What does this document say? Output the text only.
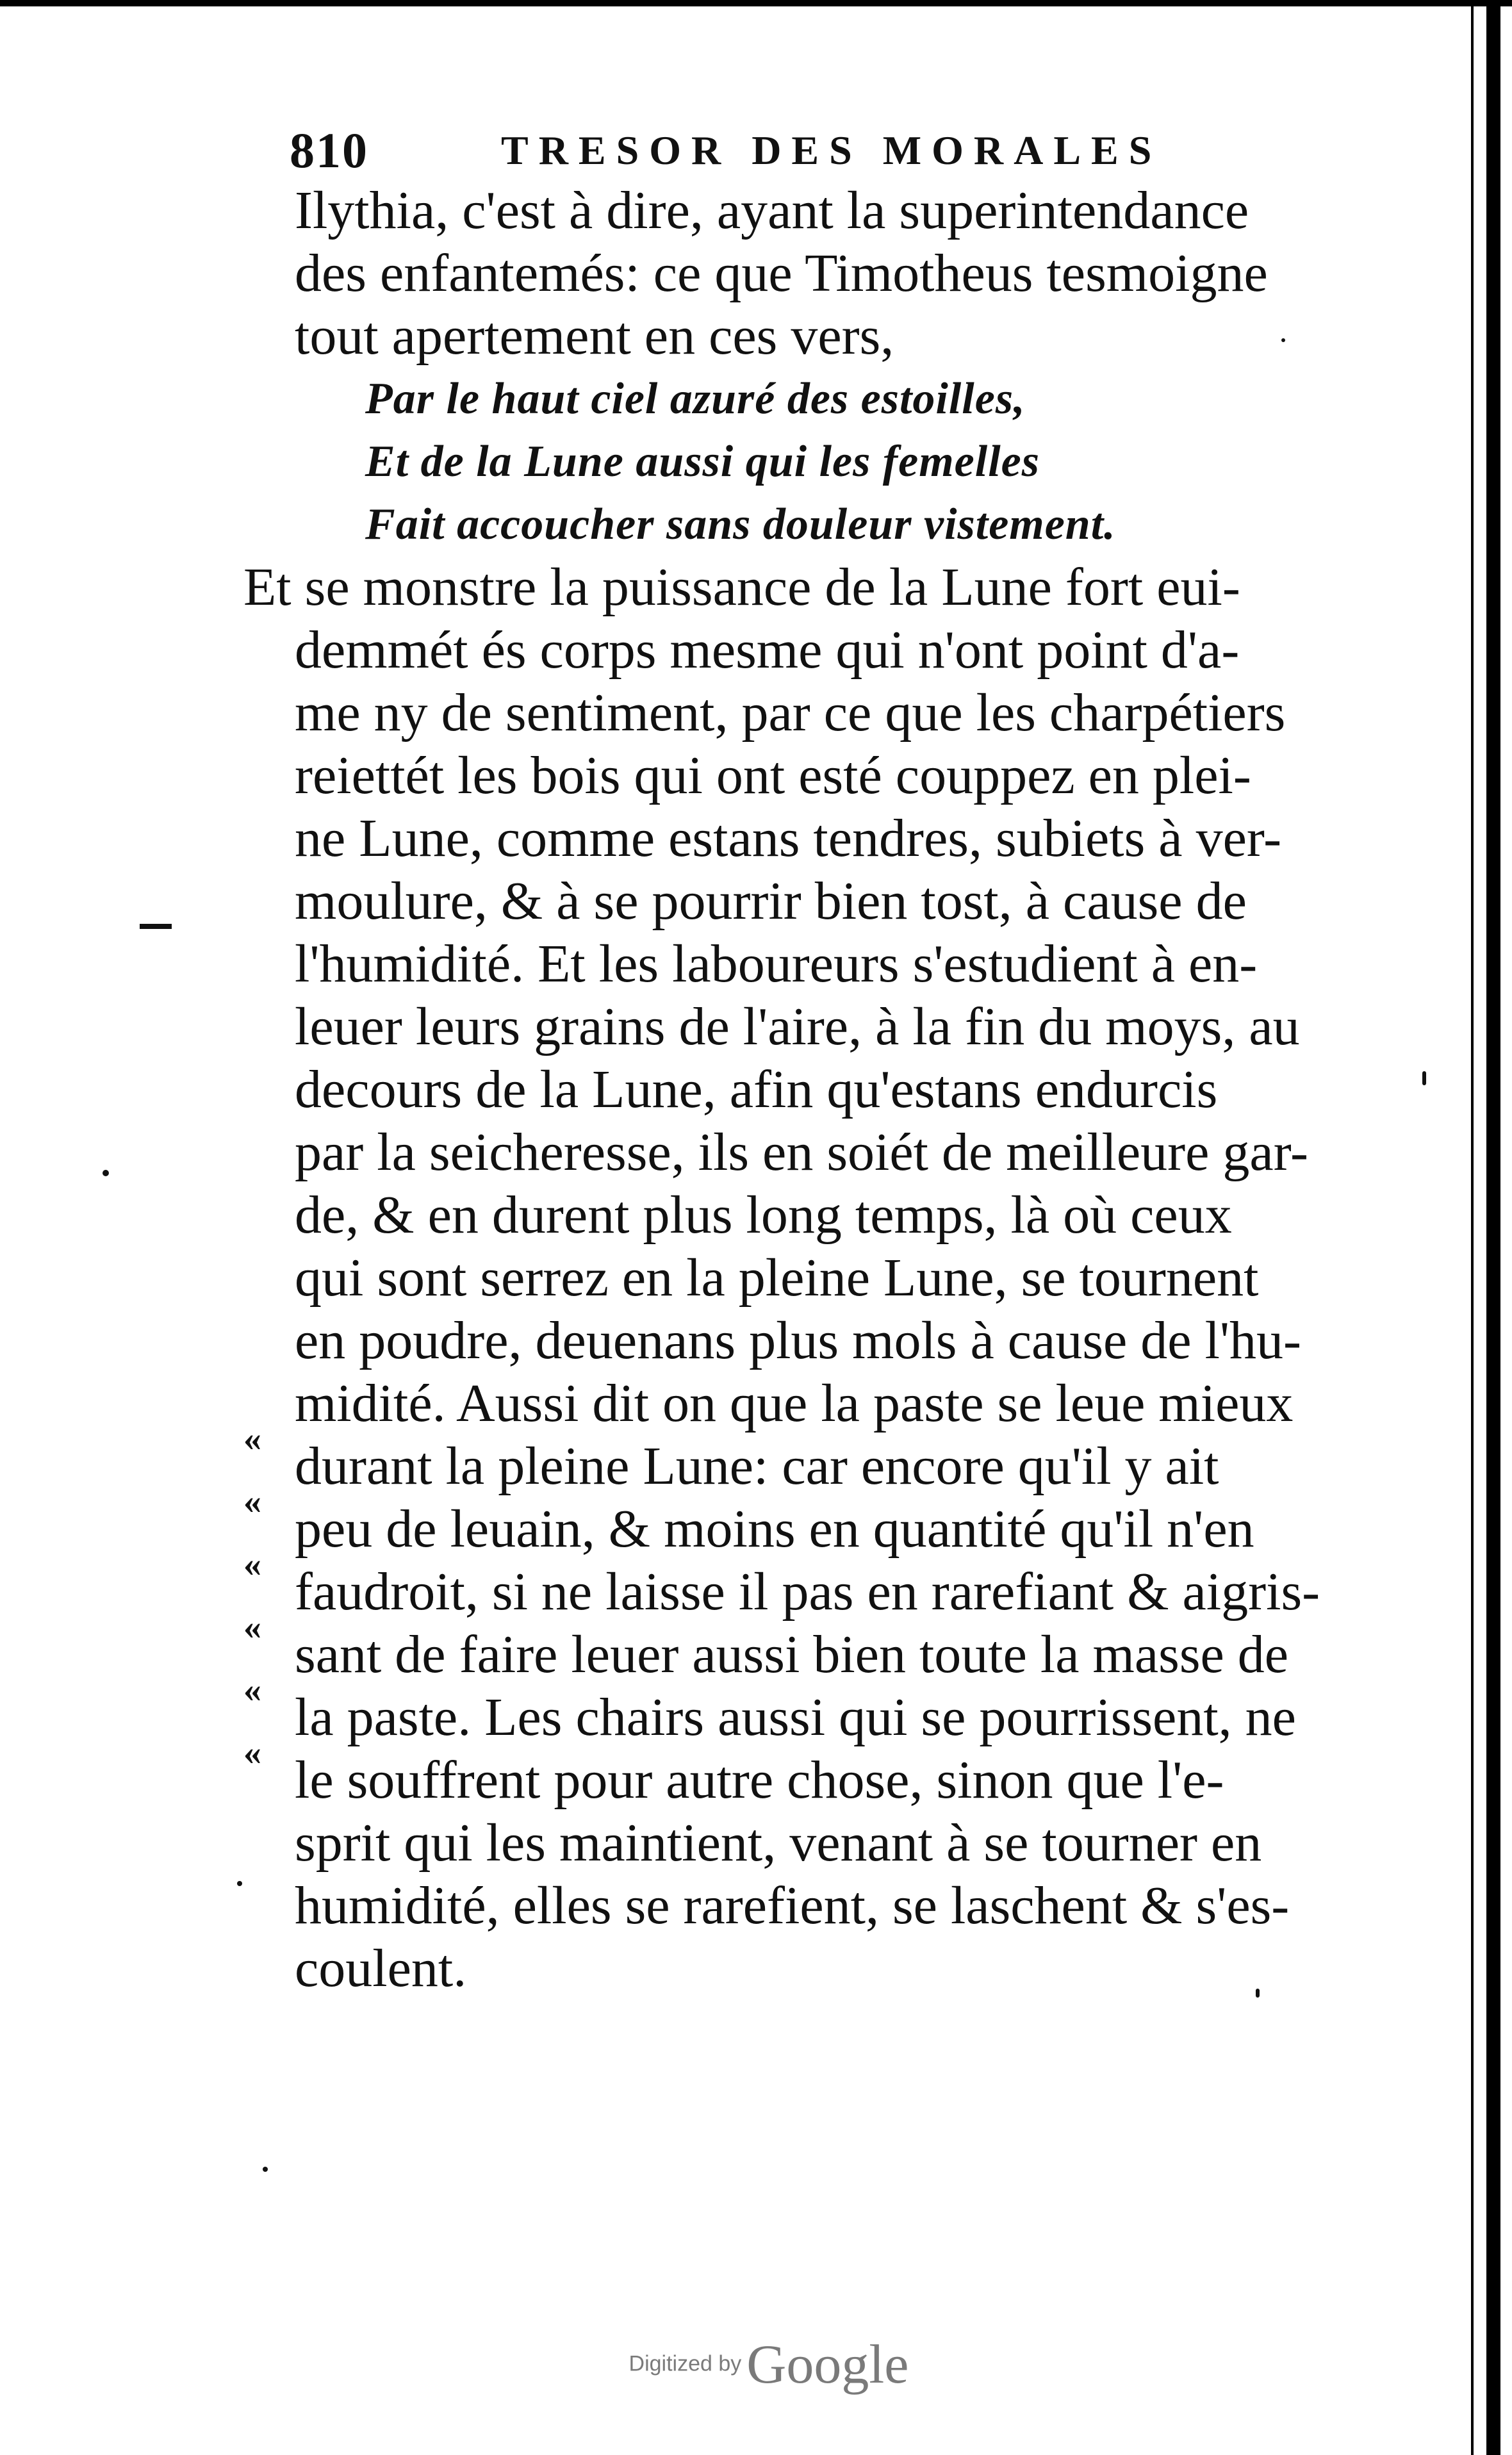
810	TRESOR DES MORALES
Ilythia, c'est à dire, ayant la superintendance
des enfantemés: ce que Timotheus tesmoigne
tout apertement en ces vers,
Par le haut ciel azuré des estoilles,
Et de la Lune aussi qui les femelles
Fait accoucher sans douleur vistement.
Et se monstre la puissance de la Lune fort eui-
demmét és corps mesme qui n'ont point d'a-
me ny de sentiment, par ce que les charpétiers
reiettét les bois qui ont esté couppez en plei-
ne Lune, comme estans tendres, subiets à ver-
moulure, & à se pourrir bien tost, à cause de
l'humidité. Et les laboureurs s'estudient à en-
leuer leurs grains de l'aire, à la fin du moys, au
decours de la Lune, afin qu'estans endurcis
par la seicheresse, ils en soiét de meilleure gar-
de, & en durent plus long temps, là où ceux
qui sont serrez en la pleine Lune, se tournent
en poudre, deuenans plus mols à cause de l'hu-
midité. Aussi dit on que la paste se leue mieux
durant la pleine Lune: car encore qu'il y ait
peu de leuain, & moins en quantité qu'il n'en
faudroit, si ne laisse il pas en rarefiant & aigris-
sant de faire leuer aussi bien toute la masse de
la paste. Les chairs aussi qui se pourrissent, ne
le souffrent pour autre chose, sinon que l'e-
sprit qui les maintient, venant à se tourner en
humidité, elles se rarefient, se laschent & s'es-
coulent.
«
«
«
«
«
«
Digitized byGoogle
